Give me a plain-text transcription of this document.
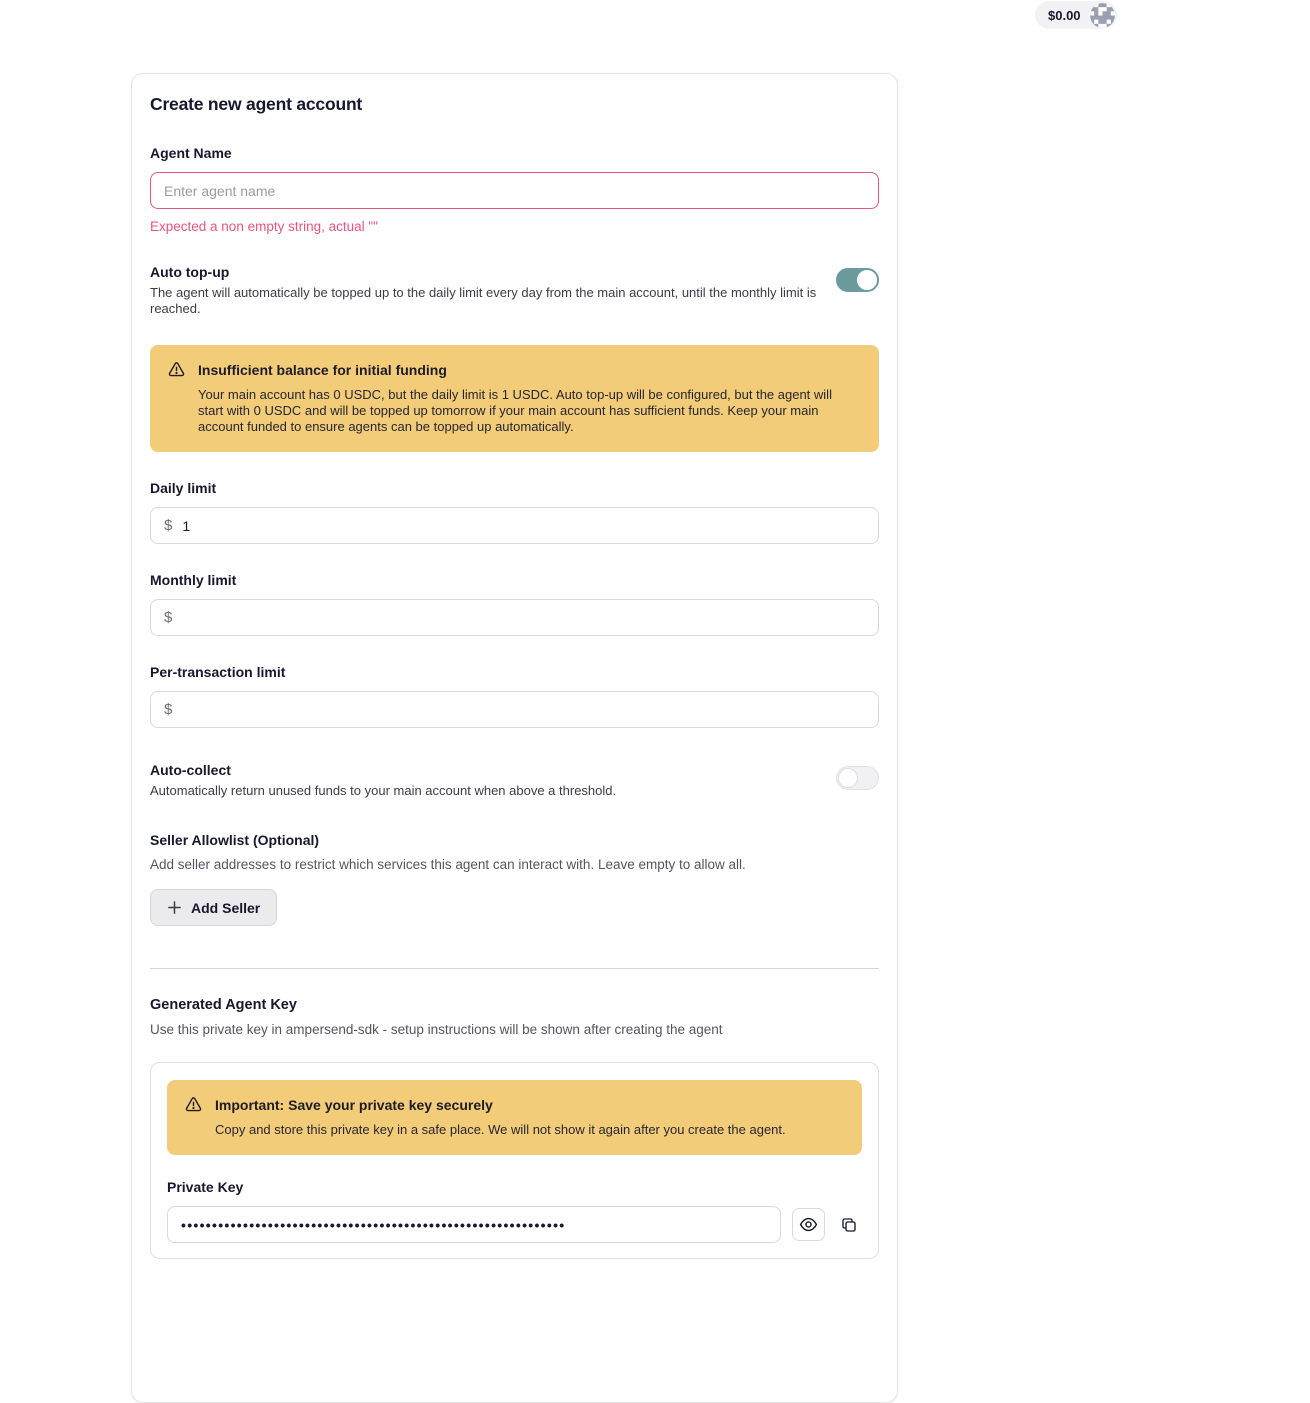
$0.00
Create new agent account
Agent Name
Enter agent name
Expected a non empty string, actual ""
Auto top-up
The agent will automatically be topped up to the daily limit every day from the main account, until the monthly limit is reached.
Insufficient balance for initial funding
Your main account has 0 USDC, but the daily limit is 1 USDC. Auto top-up will be configured, but the agent will start with 0 USDC and will be topped up tomorrow if your main account has sufficient funds. Keep your main account funded to ensure agents can be topped up automatically.
Daily limit
$
1
Monthly limit
$
Per-transaction limit
$
Auto-collect
Automatically return unused funds to your main account when above a threshold.
Seller Allowlist (Optional)
Add seller addresses to restrict which services this agent can interact with. Leave empty to allow all.
Add Seller
Generated Agent Key
Use this private key in ampersend-sdk - setup instructions will be shown after creating the agent
Important: Save your private key securely
Copy and store this private key in a safe place. We will not show it again after you create the agent.
Private Key
••••••••••••••••••••••••••••••••••••••••••••••••••••••••••••••
